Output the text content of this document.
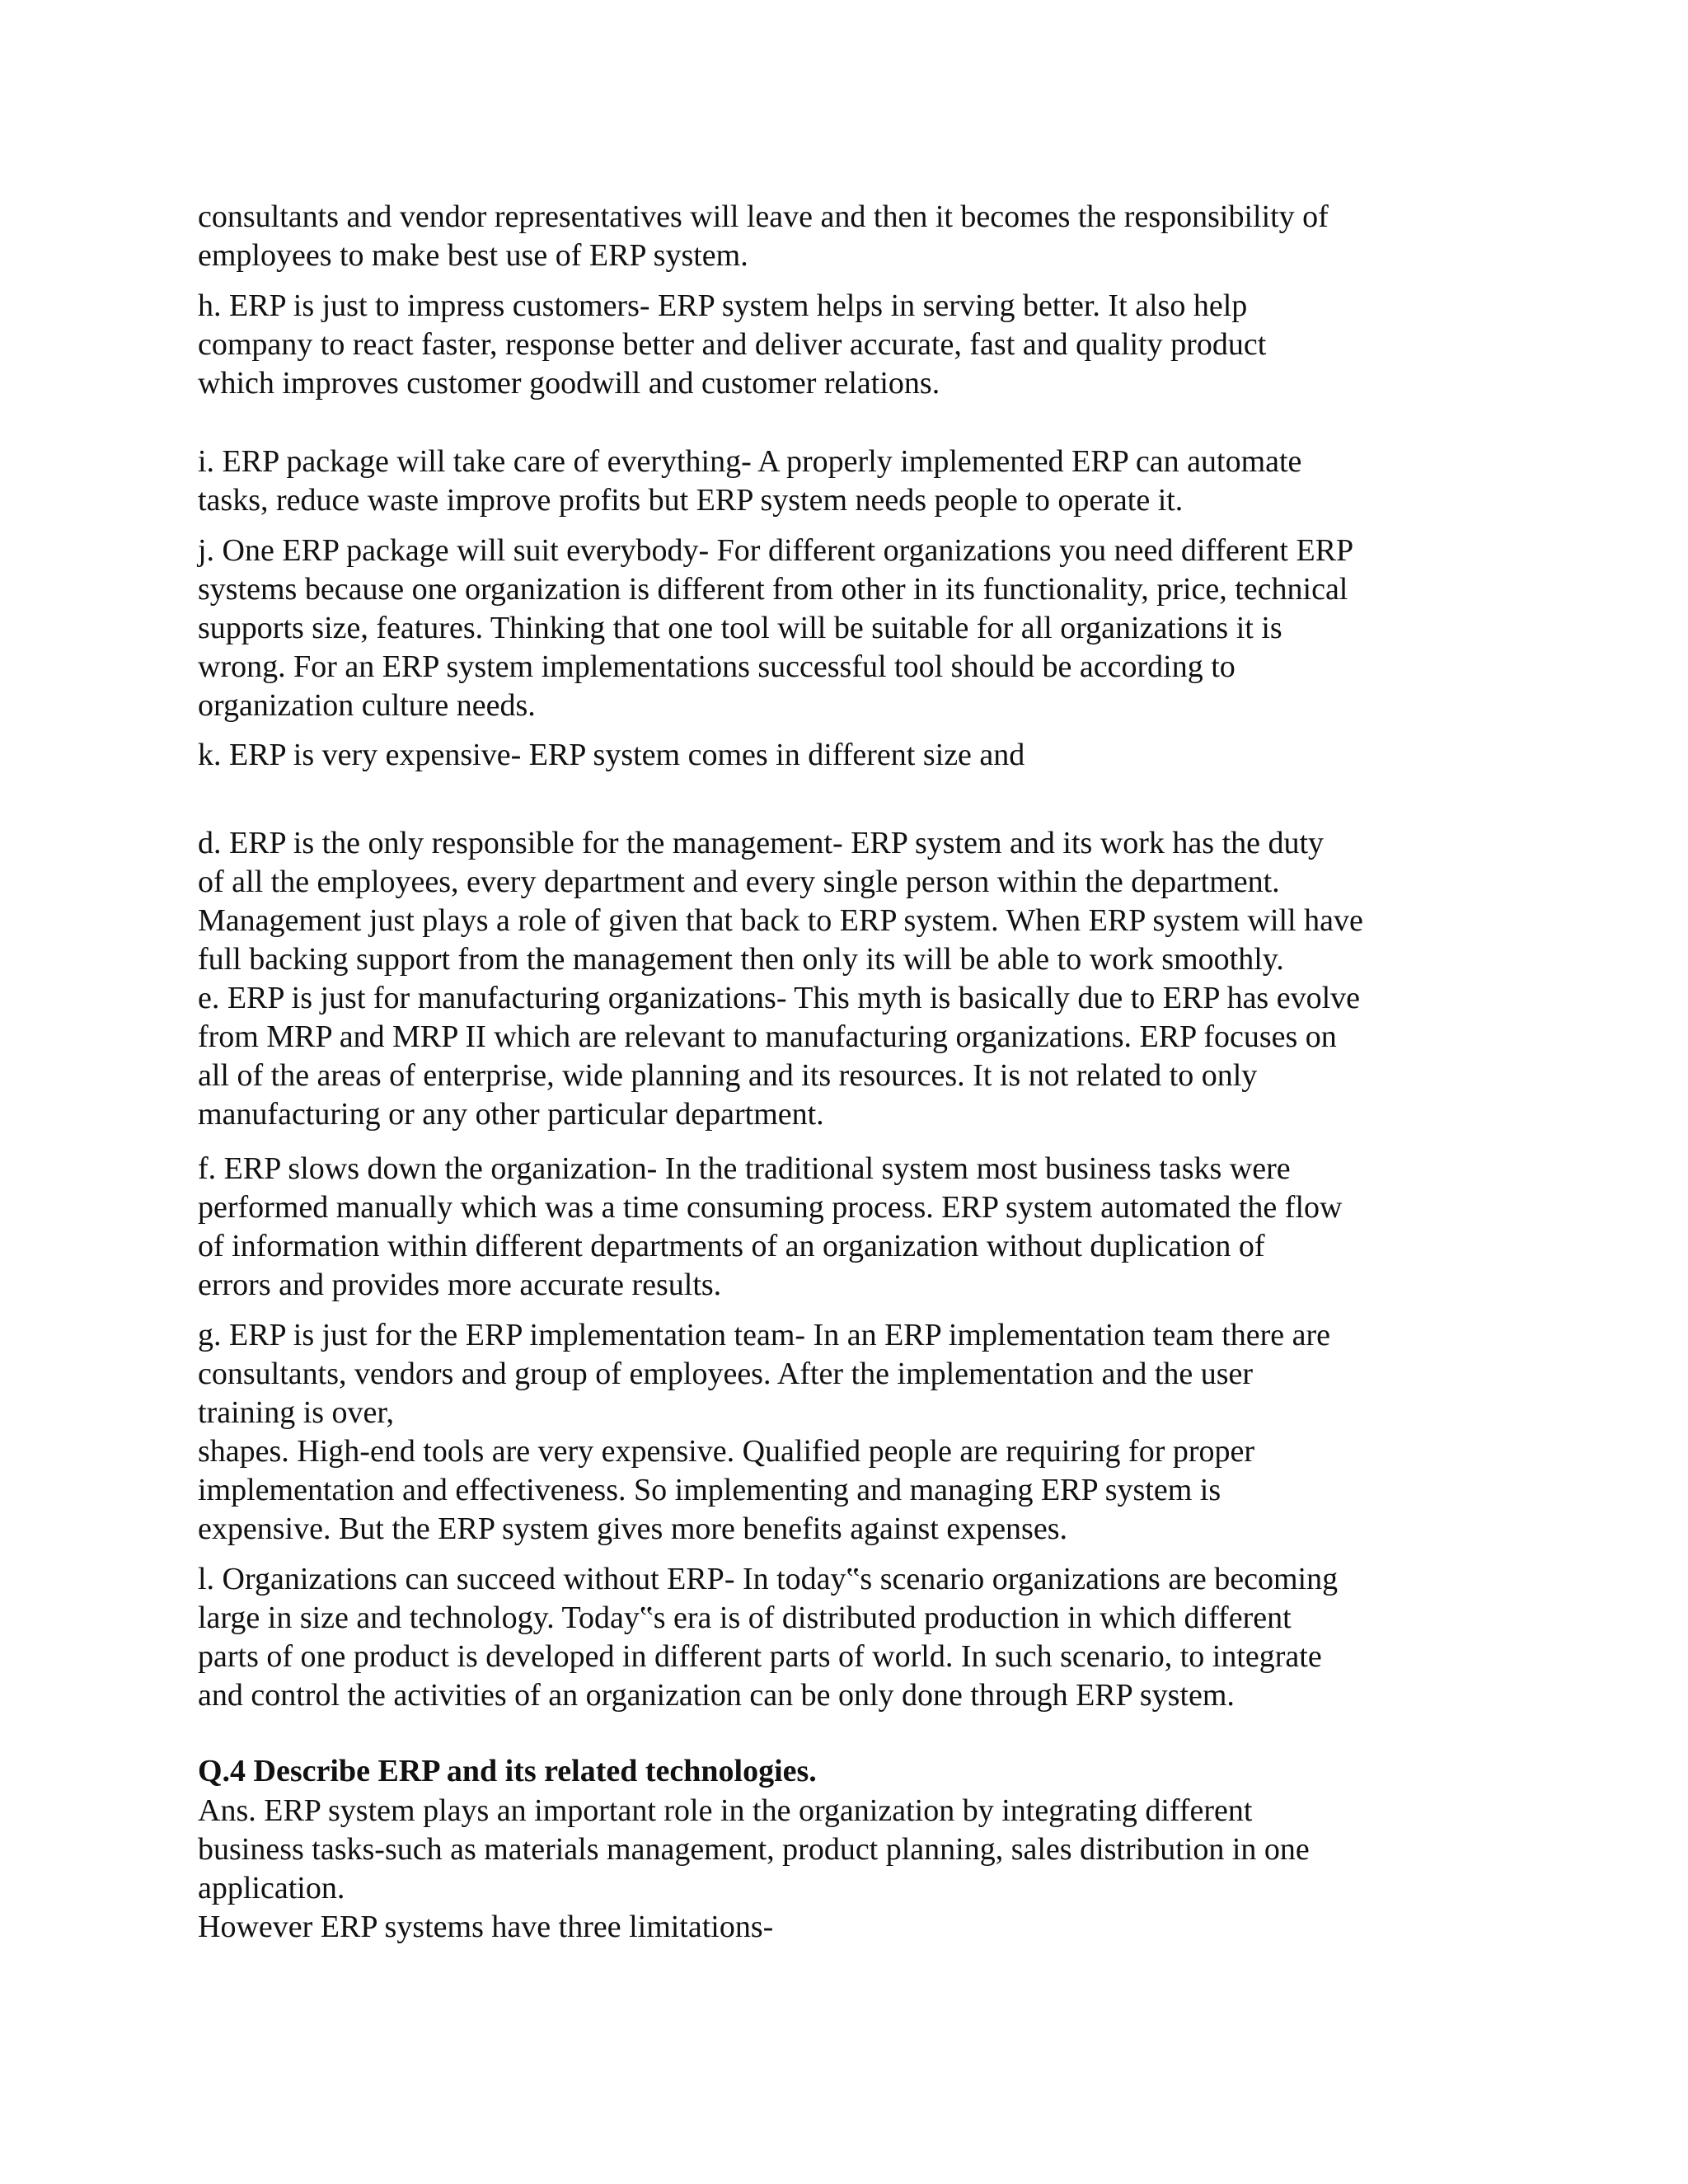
consultants and vendor representatives will leave and then it becomes the responsibility of
employees to make best use of ERP system.
h. ERP is just to impress customers- ERP system helps in serving better. It also help
company to react faster, response better and deliver accurate, fast and quality product
which improves customer goodwill and customer relations.
i. ERP package will take care of everything- A properly implemented ERP can automate
tasks, reduce waste improve profits but ERP system needs people to operate it.
j. One ERP package will suit everybody- For different organizations you need different ERP
systems because one organization is different from other in its functionality, price, technical
supports size, features. Thinking that one tool will be suitable for all organizations it is
wrong. For an ERP system implementations successful tool should be according to
organization culture needs.
k. ERP is very expensive- ERP system comes in different size and
d. ERP is the only responsible for the management- ERP system and its work has the duty
of all the employees, every department and every single person within the department.
Management just plays a role of given that back to ERP system. When ERP system will have
full backing support from the management then only its will be able to work smoothly.
e. ERP is just for manufacturing organizations- This myth is basically due to ERP has evolve
from MRP and MRP II which are relevant to manufacturing organizations. ERP focuses on
all of the areas of enterprise, wide planning and its resources. It is not related to only
manufacturing or any other particular department.
f. ERP slows down the organization- In the traditional system most business tasks were
performed manually which was a time consuming process. ERP system automated the flow
of information within different departments of an organization without duplication of
errors and provides more accurate results.
g. ERP is just for the ERP implementation team- In an ERP implementation team there are
consultants, vendors and group of employees. After the implementation and the user
training is over,
shapes. High-end tools are very expensive. Qualified people are requiring for proper
implementation and effectiveness. So implementing and managing ERP system is
expensive. But the ERP system gives more benefits against expenses.
l. Organizations can succeed without ERP- In today‟s scenario organizations are becoming
large in size and technology. Today‟s era is of distributed production in which different
parts of one product is developed in different parts of world. In such scenario, to integrate
and control the activities of an organization can be only done through ERP system.
Q.4 Describe ERP and its related technologies.
Ans. ERP system plays an important role in the organization by integrating different
business tasks-such as materials management, product planning, sales distribution in one
application.
However ERP systems have three limitations-
